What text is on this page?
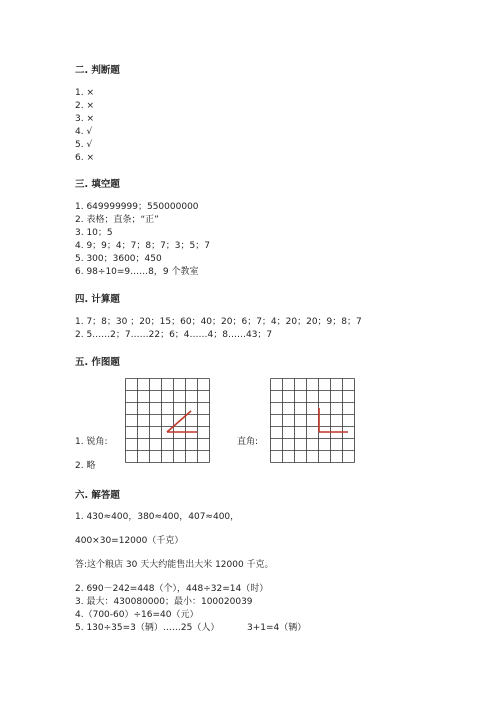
二. 判断题
1. ×
2. ×
3. ×
4. √
5. √
6. ×
三. 填空题
1. 649999999；550000000
2. 表格；直条；“正”
3. 10；5
4. 9；9；4；7；8；7；3；5；7
5. 300；3600；450
6. 98÷10=9……8，9 个教室
四. 计算题
1. 7；8；30 ；20；15；60；40；20；6；7；4；20；20；9；8；7
2. 5……2；7……22；6；4……4；8……43；7
五. 作图题
1. 锐角:	直角:
2. 略
六. 解答题
1. 430≈400，380≈400，407≈400，
400×30=12000（千克）
答:这个粮店 30 天大约能售出大米 12000 千克。
2. 690－242=448（个），448÷32=14（时）
3. 最大：430080000；最小：100020039
4.（700-60）÷16=40（元）
5. 130÷35=3（辆）……25（人）	3+1=4（辆）
